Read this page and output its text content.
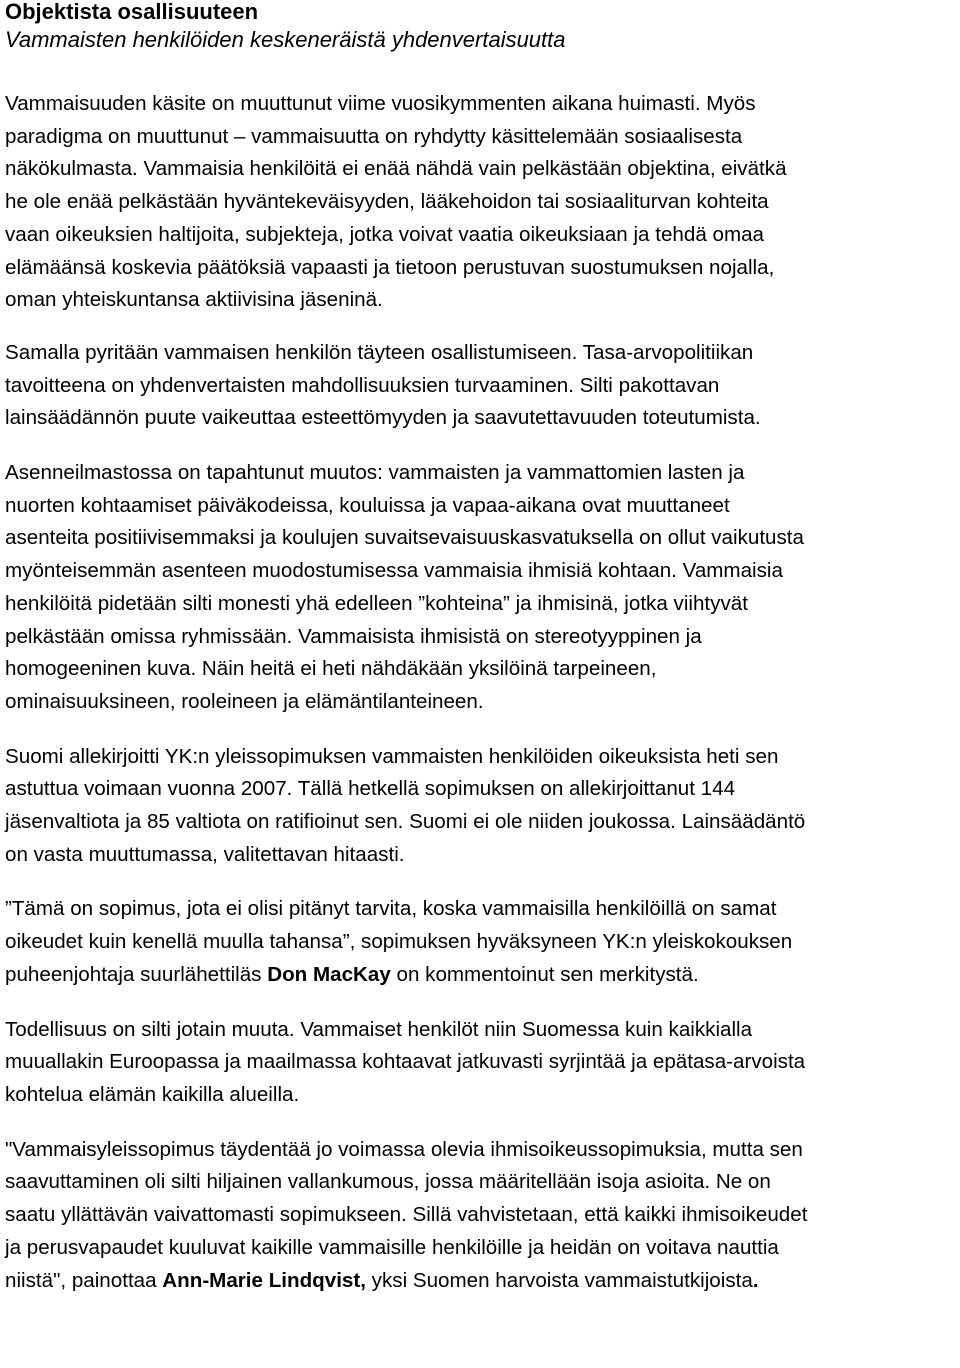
Objektista osallisuuteen
Vammaisten henkilöiden keskeneräistä yhdenvertaisuutta

Vammaisuuden käsite on muuttunut viime vuosikymmenten aikana huimasti. Myös
paradigma on muuttunut – vammaisuutta on ryhdytty käsittelemään sosiaalisesta
näkökulmasta. Vammaisia henkilöitä ei enää nähdä vain pelkästään objektina, eivätkä
he ole enää pelkästään hyväntekeväisyyden, lääkehoidon tai sosiaaliturvan kohteita
vaan oikeuksien haltijoita, subjekteja, jotka voivat vaatia oikeuksiaan ja tehdä omaa
elämäänsä koskevia päätöksiä vapaasti ja tietoon perustuvan suostumuksen nojalla,
oman yhteiskuntansa aktiivisina jäseninä.

Samalla pyritään vammaisen henkilön täyteen osallistumiseen. Tasa-arvopolitiikan
tavoitteena on yhdenvertaisten mahdollisuuksien turvaaminen. Silti pakottavan
lainsäädännön puute vaikeuttaa esteettömyyden ja saavutettavuuden toteutumista.

Asenneilmastossa on tapahtunut muutos: vammaisten ja vammattomien lasten ja
nuorten kohtaamiset päiväkodeissa, kouluissa ja vapaa-aikana ovat muuttaneet
asenteita positiivisemmaksi ja koulujen suvaitsevaisuuskasvatuksella on ollut vaikutusta
myönteisemmän asenteen muodostumisessa vammaisia ihmisiä kohtaan. Vammaisia
henkilöitä pidetään silti monesti yhä edelleen ”kohteina” ja ihmisinä, jotka viihtyvät
pelkästään omissa ryhmissään. Vammaisista ihmisistä on stereotyyppinen ja
homogeeninen kuva. Näin heitä ei heti nähdäkään yksilöinä tarpeineen,
ominaisuuksineen, rooleineen ja elämäntilanteineen.

Suomi allekirjoitti YK:n yleissopimuksen vammaisten henkilöiden oikeuksista heti sen
astuttua voimaan vuonna 2007. Tällä hetkellä sopimuksen on allekirjoittanut 144
jäsenvaltiota ja 85 valtiota on ratifioinut sen. Suomi ei ole niiden joukossa. Lainsäädäntö
on vasta muuttumassa, valitettavan hitaasti.

”Tämä on sopimus, jota ei olisi pitänyt tarvita, koska vammaisilla henkilöillä on samat
oikeudet kuin kenellä muulla tahansa”, sopimuksen hyväksyneen YK:n yleiskokouksen
puheenjohtaja suurlähettiläs Don MacKay on kommentoinut sen merkitystä.

Todellisuus on silti jotain muuta. Vammaiset henkilöt niin Suomessa kuin kaikkialla
muuallakin Euroopassa ja maailmassa kohtaavat jatkuvasti syrjintää ja epätasa-arvoista
kohtelua elämän kaikilla alueilla.

"Vammaisyleissopimus täydentää jo voimassa olevia ihmisoikeussopimuksia, mutta sen
saavuttaminen oli silti hiljainen vallankumous, jossa määritellään isoja asioita. Ne on
saatu yllättävän vaivattomasti sopimukseen. Sillä vahvistetaan, että kaikki ihmisoikeudet
ja perusvapaudet kuuluvat kaikille vammaisille henkilöille ja heidän on voitava nauttia
niistä", painottaa Ann-Marie Lindqvist, yksi Suomen harvoista vammaistutkijoista.
